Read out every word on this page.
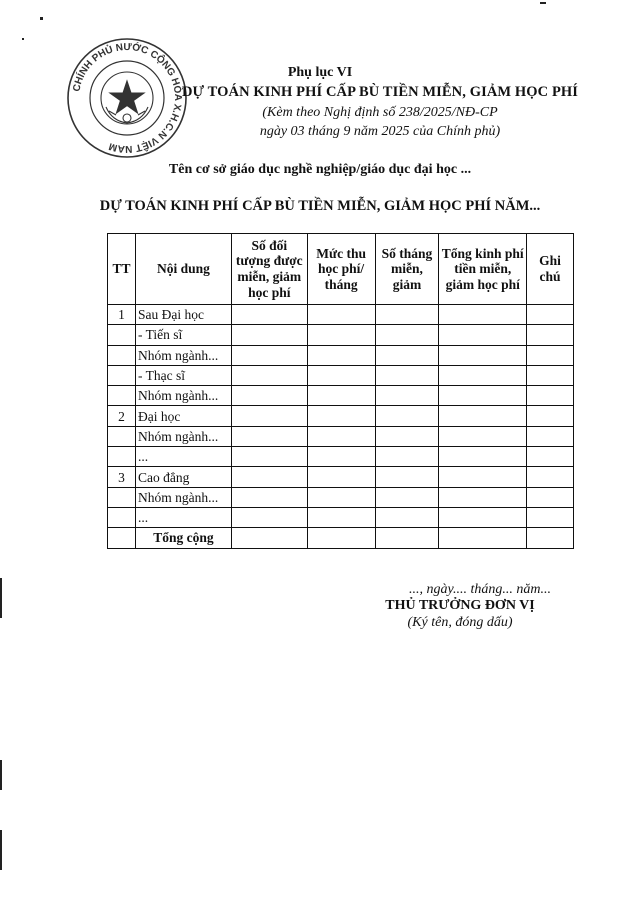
CHÍNH PHỦ NƯỚC CỘNG HÒA X.H.C.N VIỆT NAM
Phụ lục VI
DỰ TOÁN KINH PHÍ CẤP BÙ TIỀN MIỄN, GIẢM HỌC PHÍ
(Kèm theo Nghị định số 238/2025/NĐ-CP
ngày 03 tháng 9 năm 2025 của Chính phủ)
Tên cơ sở giáo dục nghề nghiệp/giáo dục đại học ...
DỰ TOÁN KINH PHÍ CẤP BÙ TIỀN MIỄN, GIẢM HỌC PHÍ NĂM...
TT	Nội dung	Số đối tượng được miễn, giảm học phí	Mức thu học phí/ tháng	Số tháng miễn, giảm	Tổng kinh phí tiền miễn, giảm học phí	Ghi chú
1	Sau Đại học					
	- Tiến sĩ					
	Nhóm ngành...					
	- Thạc sĩ					
	Nhóm ngành...					
2	Đại học					
	Nhóm ngành...					
	...					
3	Cao đẳng					
	Nhóm ngành...					
	...					
	Tổng cộng					
..., ngày.... tháng... năm...
THỦ TRƯỞNG ĐƠN VỊ
(Ký tên, đóng dấu)
